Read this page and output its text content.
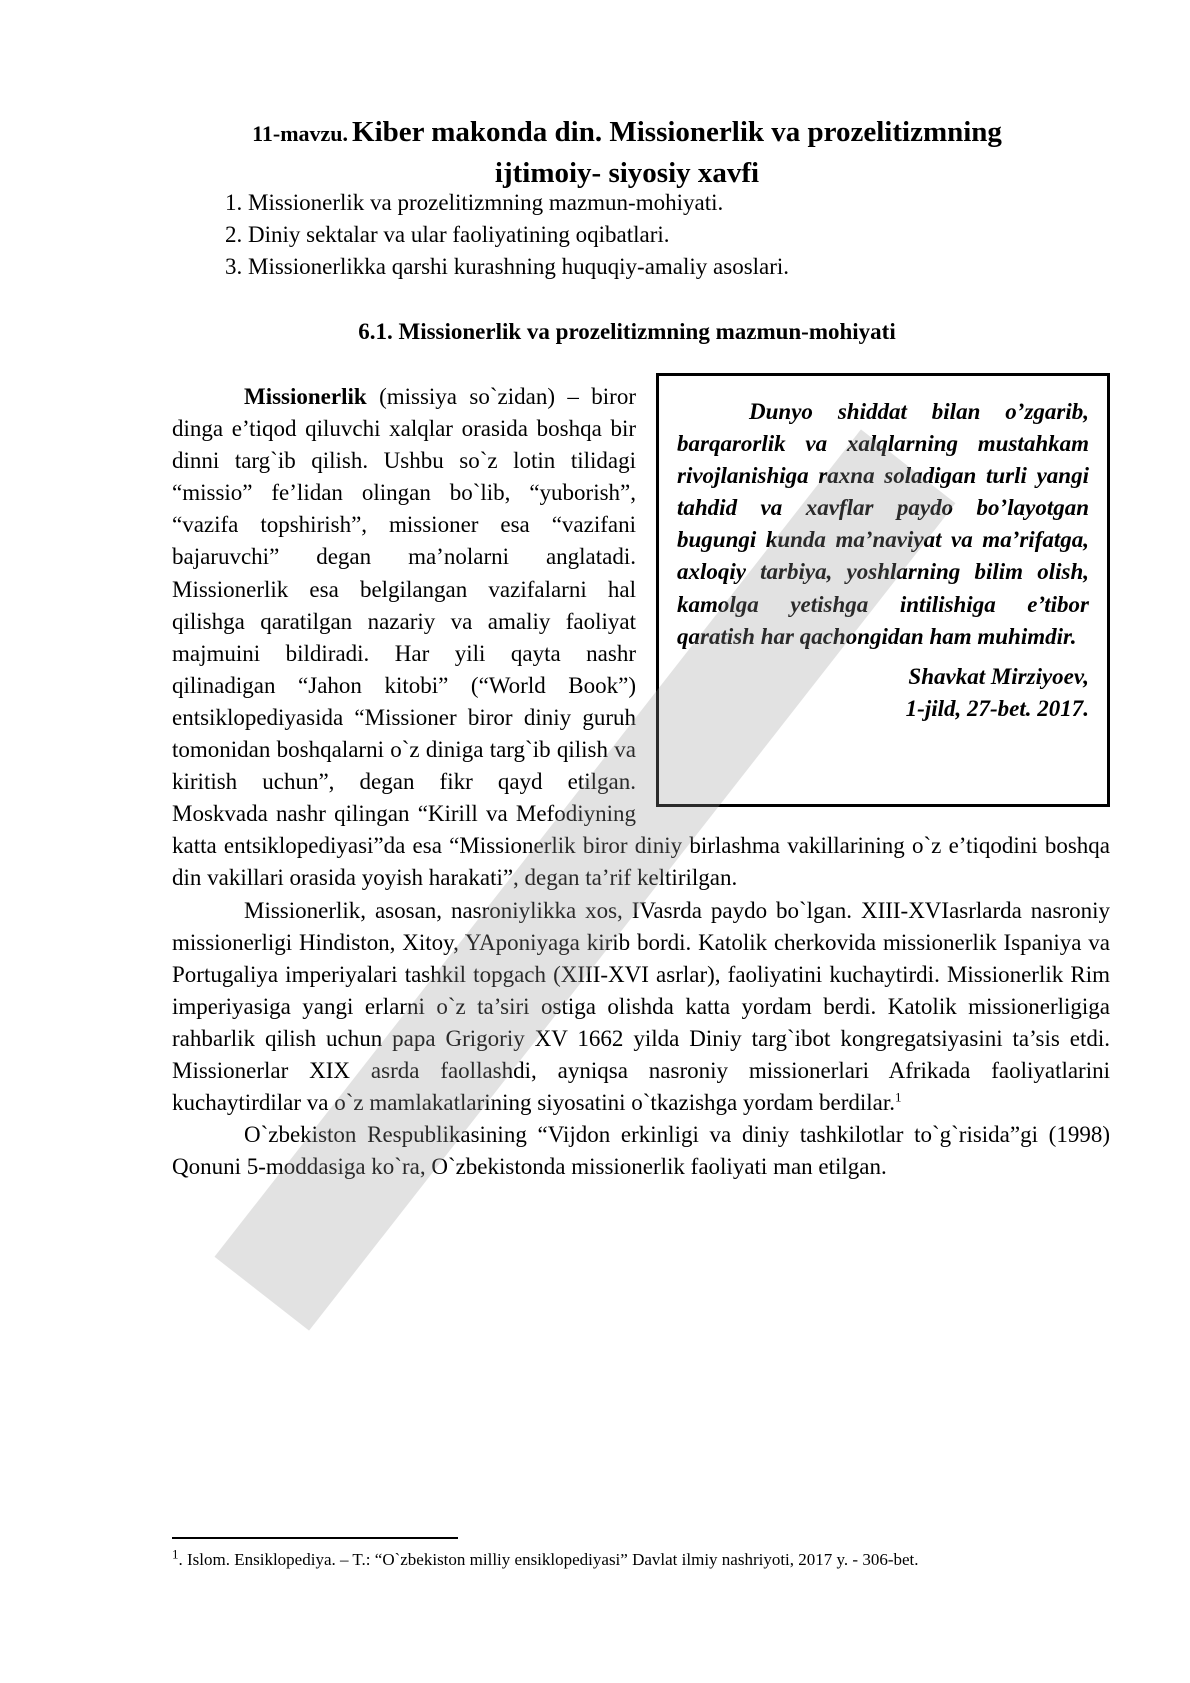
11-mavzu. Kiber makonda din. Missionerlik va prozelitizmning
ijtimoiy- siyosiy xavfi
1. Missionerlik va prozelitizmning mazmun-mohiyati.
2. Diniy sektalar va ular faoliyatining oqibatlari.
3. Missionerlikka qarshi kurashning huquqiy-amaliy asoslari.
6.1. Missionerlik va prozelitizmning mazmun-mohiyati

Dunyo shiddat bilan o’zgarib, barqarorlik va xalqlarning mustahkam rivojlanishiga raxna soladigan turli yangi tahdid va xavflar paydo bo’layotgan bugungi kunda ma’naviyat va ma’rifatga, axloqiy tarbiya, yoshlarning bilim olish, kamolga yetishga intilishiga e’tibor qaratish har qachongidan ham muhimdir.

Shavkat Mirziyoev,

1-jild, 27-bet. 2017.

Missionerlik (missiya so`zidan) – biror dinga e’tiqod qiluvchi xalqlar orasida boshqa bir dinni targ`ib qilish. Ushbu so`z lotin tilidagi “missio” fe’lidan olingan bo`lib, “yuborish”, “vazifa topshirish”, missioner esa “vazifani bajaruvchi” degan ma’nolarni anglatadi. Missionerlik esa belgilangan vazifalarni hal qilishga qaratilgan nazariy va amaliy faoliyat majmuini bildiradi. Har yili qayta nashr qilinadigan “Jahon kitobi” (“World Book”) entsiklopediyasida “Missioner biror diniy guruh tomonidan boshqalarni o`z diniga targ`ib qilish va kiritish uchun”, degan fikr qayd etilgan. Moskvada nashr qilingan “Kirill va Mefodiyning katta entsiklopediyasi”da esa “Missionerlik biror diniy birlashma vakillarining o`z e’tiqodini boshqa din vakillari orasida yoyish harakati”, degan ta’rif keltirilgan.

Missionerlik, asosan, nasroniylikka xos, IVasrda paydo bo`lgan. XIII-XVIasrlarda nasroniy missionerligi Hindiston, Xitoy, YAponiyaga kirib bordi. Katolik cherkovida missionerlik Ispaniya va Portugaliya imperiyalari tashkil topgach (XIII-XVI asrlar), faoliyatini kuchaytirdi. Missionerlik Rim imperiyasiga yangi erlarni o`z ta’siri ostiga olishda katta yordam berdi. Katolik missionerligiga rahbarlik qilish uchun papa Grigoriy XV 1662 yilda Diniy targ`ibot kongregatsiyasini ta’sis etdi. Missionerlar XIX asrda faollashdi, ayniqsa nasroniy missionerlari Afrikada faoliyatlarini kuchaytirdilar va o`z mamlakatlarining siyosatini o`tkazishga yordam berdilar.$^1$

O`zbekiston Respublikasining “Vijdon erkinligi va diniy tashkilotlar to`g`risida”gi (1998) Qonuni 5-moddasiga ko`ra, O`zbekistonda missionerlik faoliyati man etilgan.

$^1$. Islom. Ensiklopediya. – T.: “O`zbekiston milliy ensiklopediyasi” Davlat ilmiy nashriyoti, 2017 y. - 306-bet.
